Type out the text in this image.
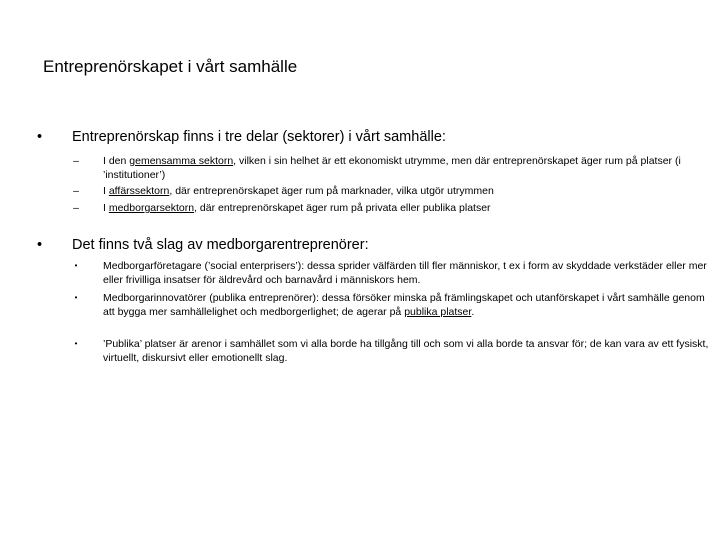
Entreprenörskapet i vårt samhälle
• Entreprenörskap finns i tre delar (sektorer) i vårt samhälle:
– I den gemensamma sektorn, vilken i sin helhet är ett ekonomiskt utrymme, men där entreprenörskapet äger rum på platser (i ’institutioner’)
– I affärssektorn, där entreprenörskapet äger rum på marknader, vilka utgör utrymmen
– I medborgarsektorn, där entreprenörskapet äger rum på privata eller publika platser
• Det finns två slag av medborgarentreprenörer:
•	Medborgarföretagare (’social enterprisers’): dessa sprider välfärden till fler människor, t ex i form av skyddade verkstäder eller mer eller frivilliga insatser för äldrevård och barnavård i människors hem.
•	Medborgarinnovatörer (publika entreprenörer): dessa försöker minska på främlingskapet och utanförskapet i vårt samhälle genom att bygga mer samhällelighet och medborgerlighet; de agerar på publika platser.
•	’Publika’ platser är arenor i samhället som vi alla borde ha tillgång till och som vi alla borde ta ansvar för; de kan vara av ett fysiskt, virtuellt, diskursivt eller emotionellt slag.
